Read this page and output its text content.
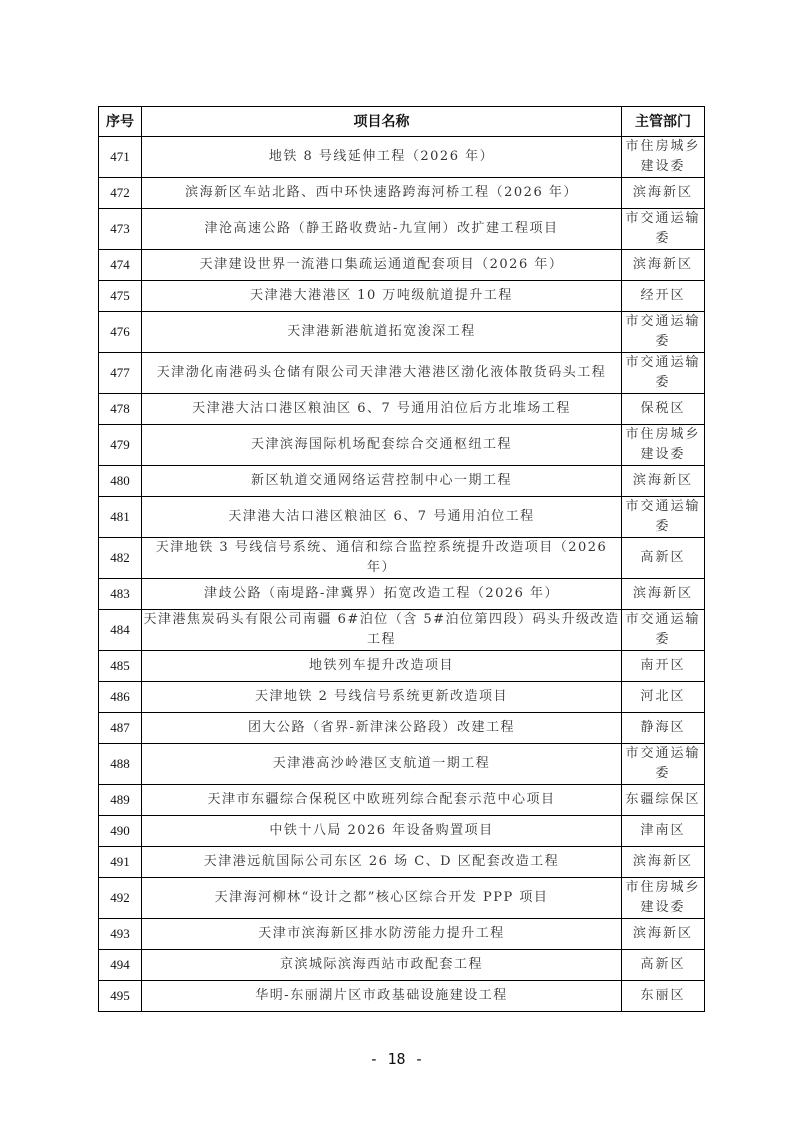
序号	项目名称	主管部门
471	地铁 8 号线延伸工程（2026 年）	市住房城乡建设委
472	滨海新区车站北路、西中环快速路跨海河桥工程（2026 年）	滨海新区
473	津沧高速公路（静王路收费站-九宣闸）改扩建工程项目	市交通运输委
474	天津建设世界一流港口集疏运通道配套项目（2026 年）	滨海新区
475	天津港大港港区 10 万吨级航道提升工程	经开区
476	天津港新港航道拓宽浚深工程	市交通运输委
477	天津渤化南港码头仓储有限公司天津港大港港区渤化液体散货码头工程	市交通运输委
478	天津港大沽口港区粮油区 6、7 号通用泊位后方北堆场工程	保税区
479	天津滨海国际机场配套综合交通枢纽工程	市住房城乡建设委
480	新区轨道交通网络运营控制中心一期工程	滨海新区
481	天津港大沽口港区粮油区 6、7 号通用泊位工程	市交通运输委
482	天津地铁 3 号线信号系统、通信和综合监控系统提升改造项目（2026 年）	高新区
483	津歧公路（南堤路-津冀界）拓宽改造工程（2026 年）	滨海新区
484	天津港焦炭码头有限公司南疆 6#泊位（含 5#泊位第四段）码头升级改造工程	市交通运输委
485	地铁列车提升改造项目	南开区
486	天津地铁 2 号线信号系统更新改造项目	河北区
487	团大公路（省界-新津涞公路段）改建工程	静海区
488	天津港高沙岭港区支航道一期工程	市交通运输委
489	天津市东疆综合保税区中欧班列综合配套示范中心项目	东疆综保区
490	中铁十八局 2026 年设备购置项目	津南区
491	天津港远航国际公司东区 26 场 C、D 区配套改造工程	滨海新区
492	天津海河柳林“设计之都”核心区综合开发 PPP 项目	市住房城乡建设委
493	天津市滨海新区排水防涝能力提升工程	滨海新区
494	京滨城际滨海西站市政配套工程	高新区
495	华明-东丽湖片区市政基础设施建设工程	东丽区
- 18 -
